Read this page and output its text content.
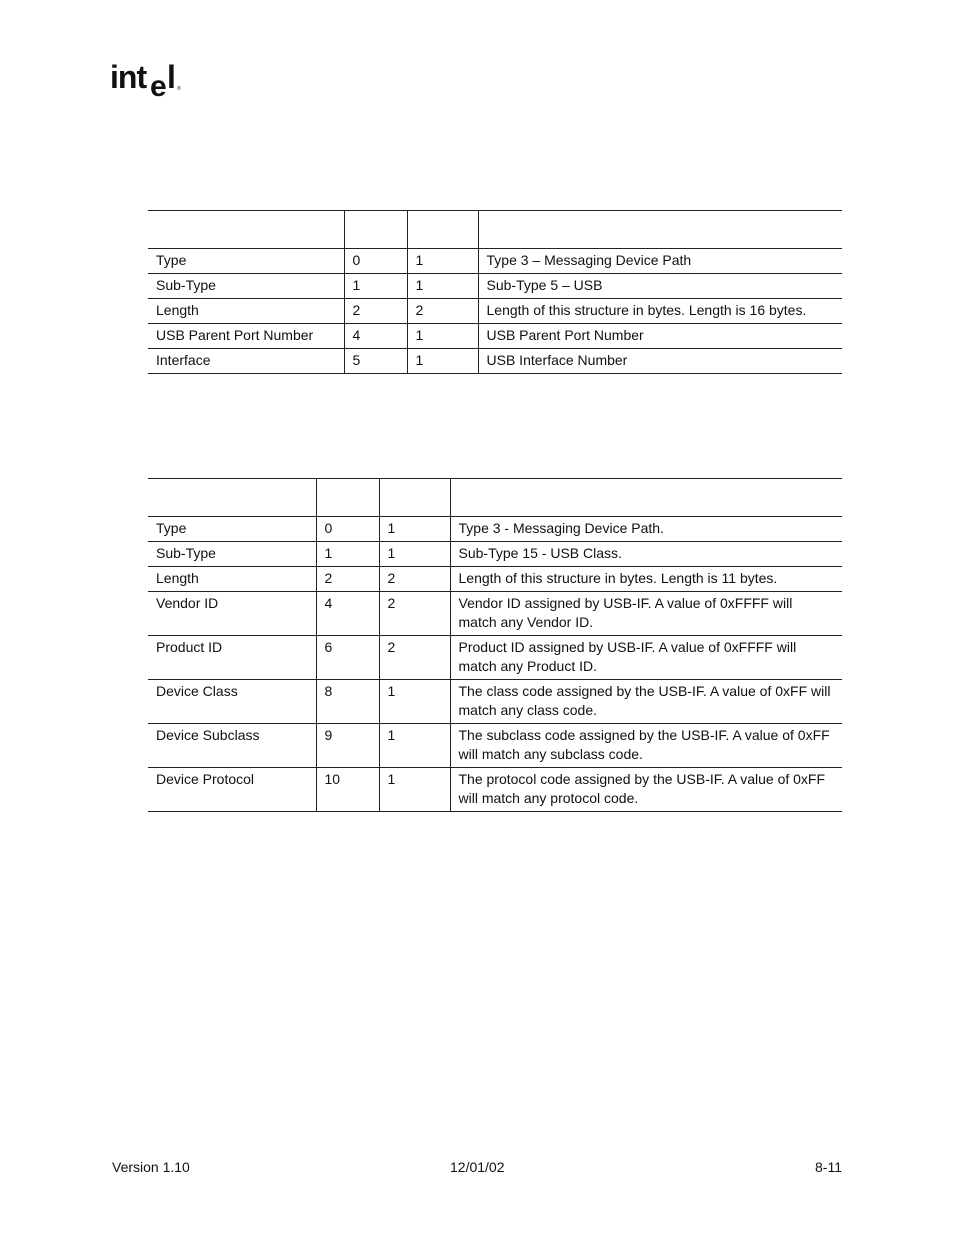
int e l ®

Type	0	1	Type 3 – Messaging Device Path
Sub-Type	1	1	Sub-Type 5 – USB
Length	2	2	Length of this structure in bytes. Length is 16 bytes.
USB Parent Port Number	4	1	USB Parent Port Number
Interface	5	1	USB Interface Number

Type	0	1	Type 3 - Messaging Device Path.
Sub-Type	1	1	Sub-Type 15 - USB Class.
Length	2	2	Length of this structure in bytes. Length is 11 bytes.
Vendor ID	4	2	Vendor ID assigned by USB-IF. A value of 0xFFFF will match any Vendor ID.
Product ID	6	2	Product ID assigned by USB-IF. A value of 0xFFFF will match any Product ID.
Device Class	8	1	The class code assigned by the USB-IF. A value of 0xFF will match any class code.
Device Subclass	9	1	The subclass code assigned by the USB-IF. A value of 0xFF will match any subclass code.
Device Protocol	10	1	The protocol code assigned by the USB-IF. A value of 0xFF will match any protocol code.
Version 1.10	12/01/02	8-11
